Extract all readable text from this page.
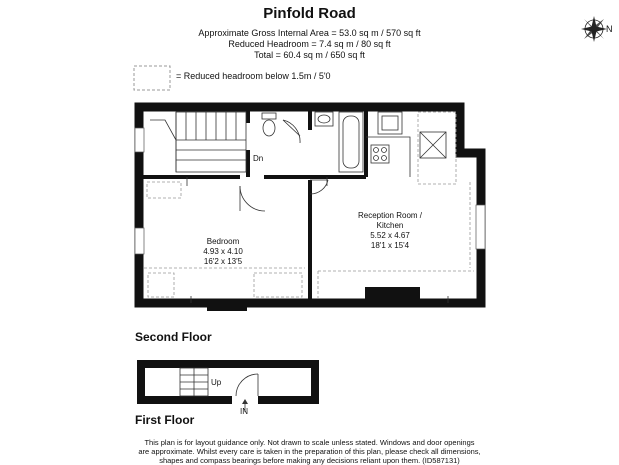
Pinfold Road
Approximate Gross Internal Area = 53.0 sq m / 570 sq ft
Reduced Headroom = 7.4 sq m / 80 sq ft
Total = 60.4 sq m / 650 sq ft
= Reduced headroom below 1.5m / 5'0
N
Dn
Bedroom
4.93 x 4.10
16'2 x 13'5
Reception Room /
Kitchen
5.52 x 4.67
18'1 x 15'4
Second Floor
Up
IN
First Floor
This plan is for layout guidance only. Not drawn to scale unless stated. Windows and door openings
are approximate. Whilst every care is taken in the preparation of this plan, please check all dimensions,
shapes and compass bearings before making any decisions reliant upon them. (ID587131)
